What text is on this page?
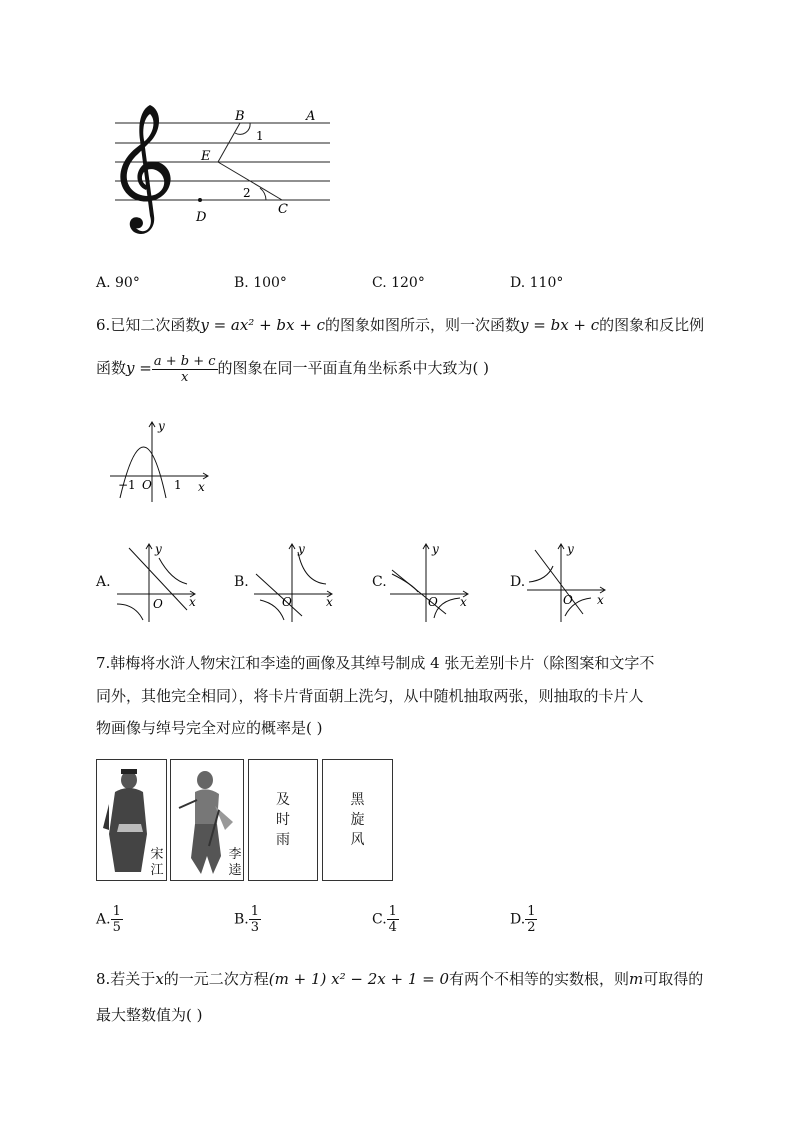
B	A
1
E
2
C
D
A. 90°	B. 100°	C. 120°	D. 110°
6.已知二次函数y = ax² + bx + c的图象如图所示，则一次函数y = bx + c的图象和反比例
函数$y = \frac{a + b + c}{x}$ 的图象在同一平面直角坐标系中大致为( )
y
x
−1 O 1
A.
y
x
O
B.
y
x
O
C.
y
x
O
D.
y
x
O
7.韩梅将水浒人物宋江和李逵的画像及其绰号制成 4 张无差别卡片（除图案和文字不
同外，其他完全相同），将卡片背面朝上洗匀，从中随机抽取两张，则抽取的卡片人
物画像与绰号完全对应的概率是( )
宋
江
李
逵
及
时
雨
黑
旋
风
A. $\frac{1}{5}$	B. $\frac{1}{3}$	C. $\frac{1}{4}$	D. $\frac{1}{2}$
8.若关于x的一元二次方程(m + 1) x² − 2x + 1 = 0有两个不相等的实数根，则m可取得的
最大整数值为( )
